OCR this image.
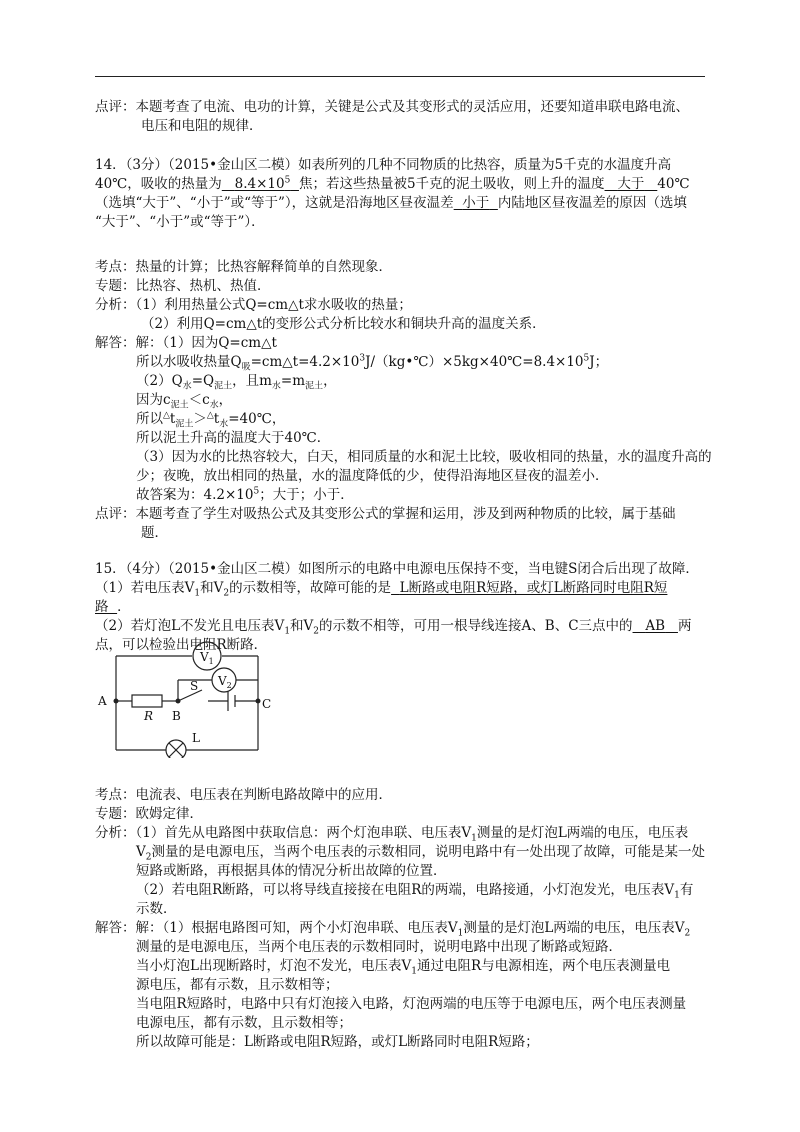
点评：本题考查了电流、电功的计算，关键是公式及其变形式的灵活应用，还要知道串联电路电流、
电压和电阻的规律．
14．（3分）（2015•金山区二模）如表所列的几种不同物质的比热容，质量为5千克的水温度升高
40℃，吸收的热量为 $8.4\times 10^5$ 焦；若这些热量被5千克的泥土吸收，则上升的温度 大于 40℃
（选填“大于”、“小于”或“等于”），这就是沿海地区昼夜温差 小于 内陆地区昼夜温差的原因（选填
“大于”、“小于”或“等于”）．
考点：热量的计算；比热容解释简单的自然现象．
专题：比热容、热机、热值．
分析：（1）利用热量公式Q=cm△t求水吸收的热量；
（2）利用Q=cm△t的变形公式分析比较水和铜块升高的温度关系．
解答：解：（1）因为Q=cm△t
所以水吸收热量$Q_吸=cm\triangle t=4.2\times 10^3J/(kg•℃)\times 5kg\times 40℃=8.4\times 10^5J$；
$(2)Q_水=Q_{泥土}$，且$m_水=m_{泥土}$，
因为$c_{泥土}<c_水$，
所以$^\triangle t_{泥土}>^\triangle t_水=40℃$，
所以泥土升高的温度大于40℃．
（3）因为水的比热容较大，白天，相同质量的水和泥土比较，吸收相同的热量，水的温度升高的
少；夜晚，放出相同的热量，水的温度降低的少，使得沿海地区昼夜的温差小．
故答案为：$4.2\times 10^5$；大于；小于．
点评：本题考查了学生对吸热公式及其变形公式的掌握和运用，涉及到两种物质的比较，属于基础
题．
15．（4分）（2015•金山区二模）如图所示的电路中电源电压保持不变，当电键S闭合后出现了故障．
（1）若电压表$V_1$和$V_2$的示数相等，故障可能的是 L断路或电阻R短路，或灯L断路同时电阻R短
路 ．
（2）若灯泡L不发光且电压表$V_1$和$V_2$的示数不相等，可用一根导线连接A、B、C三点中的 AB 两
点，可以检验出电阻R断路．
$V_1$
$V_2$
A
B
C
R
S
L
考点：电流表、电压表在判断电路故障中的应用．
专题：欧姆定律．
分析：（1）首先从电路图中获取信息：两个灯泡串联、电压表$V_1$测量的是灯泡L两端的电压，电压表
$V_2$测量的是电源电压，当两个电压表的示数相同，说明电路中有一处出现了故障，可能是某一处
短路或断路，再根据具体的情况分析出故障的位置．
（2）若电阻R断路，可以将导线直接接在电阻R的两端，电路接通，小灯泡发光，电压表$V_1$有
示数．
解答：解：（1）根据电路图可知，两个小灯泡串联、电压表$V_1$测量的是灯泡L两端的电压，电压表$V_2$
测量的是电源电压，当两个电压表的示数相同时，说明电路中出现了断路或短路．
当小灯泡L出现断路时，灯泡不发光，电压表$V_1$通过电阻R与电源相连，两个电压表测量电
源电压，都有示数，且示数相等；
当电阻R短路时，电路中只有灯泡接入电路，灯泡两端的电压等于电源电压，两个电压表测量
电源电压，都有示数，且示数相等；
所以故障可能是：L断路或电阻R短路，或灯L断路同时电阻R短路；
